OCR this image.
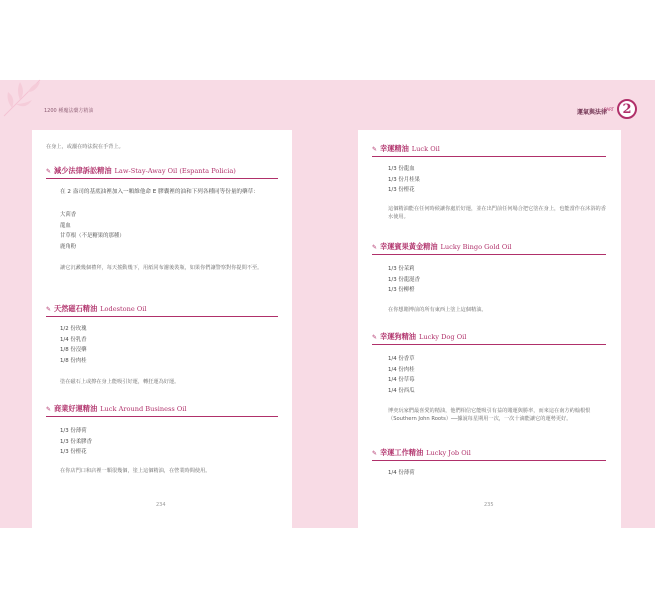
1200 種魔法藥方精油	運氣與法律
PART 2
在身上，或灑在時法院在手背上。
✎ 減少法律訴訟精油 Law-Stay-Away Oil (Espanta Policia)
在 2 盎司的基底油裡加入一顆維他命 E 膠囊裡的油和下列各種同等份量的藥草：
大茴香
龍血
甘草根（不是糖果的那種）
鹿角粉
讓它沉澱幾個禮拜，每天搖動幾下，用紙同布濾後裝瓶，如果你們讓警察對你提問不至。
✎ 天然磁石精油 Lodestone Oil
1/2 份玫瑰
1/4 份乳香
1/8 份沒藥
1/8 份肉桂
塗在磁石上或擦在身上能吸引好運，轉狂運為好運。
✎ 商業好運精油 Luck Around Business Oil
1/3 份薄荷
1/3 份柔膠香
1/3 份橙花
在你店門口和店裡一顆很幾個，塗上這個精油，在營業時間使用。
234
✎ 幸運精油 Luck Oil
1/3 份龍血
1/3 份月桂果
1/3 份橙花
這個精油能在任何時候讓你處於好運，並在出門前任何場合把它塗在身上，也能當作在沐浴的香水使用。
✎ 幸運賓果黃金精油 Lucky Bingo Gold Oil
1/3 份茉莉
1/3 份龍涎香
1/3 份柳橙
在你想賭博前的所有東西上塗上這個精油。
✎ 幸運狗精油 Lucky Dog Oil
1/4 份香草
1/4 份肉桂
1/4 份草莓
1/4 份西瓜
博奕玩家們最喜愛的精油，他們相信它能吸引有益的賭運與勝率，而來這在南方約翰根恨（Southern John Roots）──據說每星期用一次，一次十滴能讓它的運勢更好。
✎ 幸運工作精油 Lucky Job Oil
1/4 份薄荷
235
